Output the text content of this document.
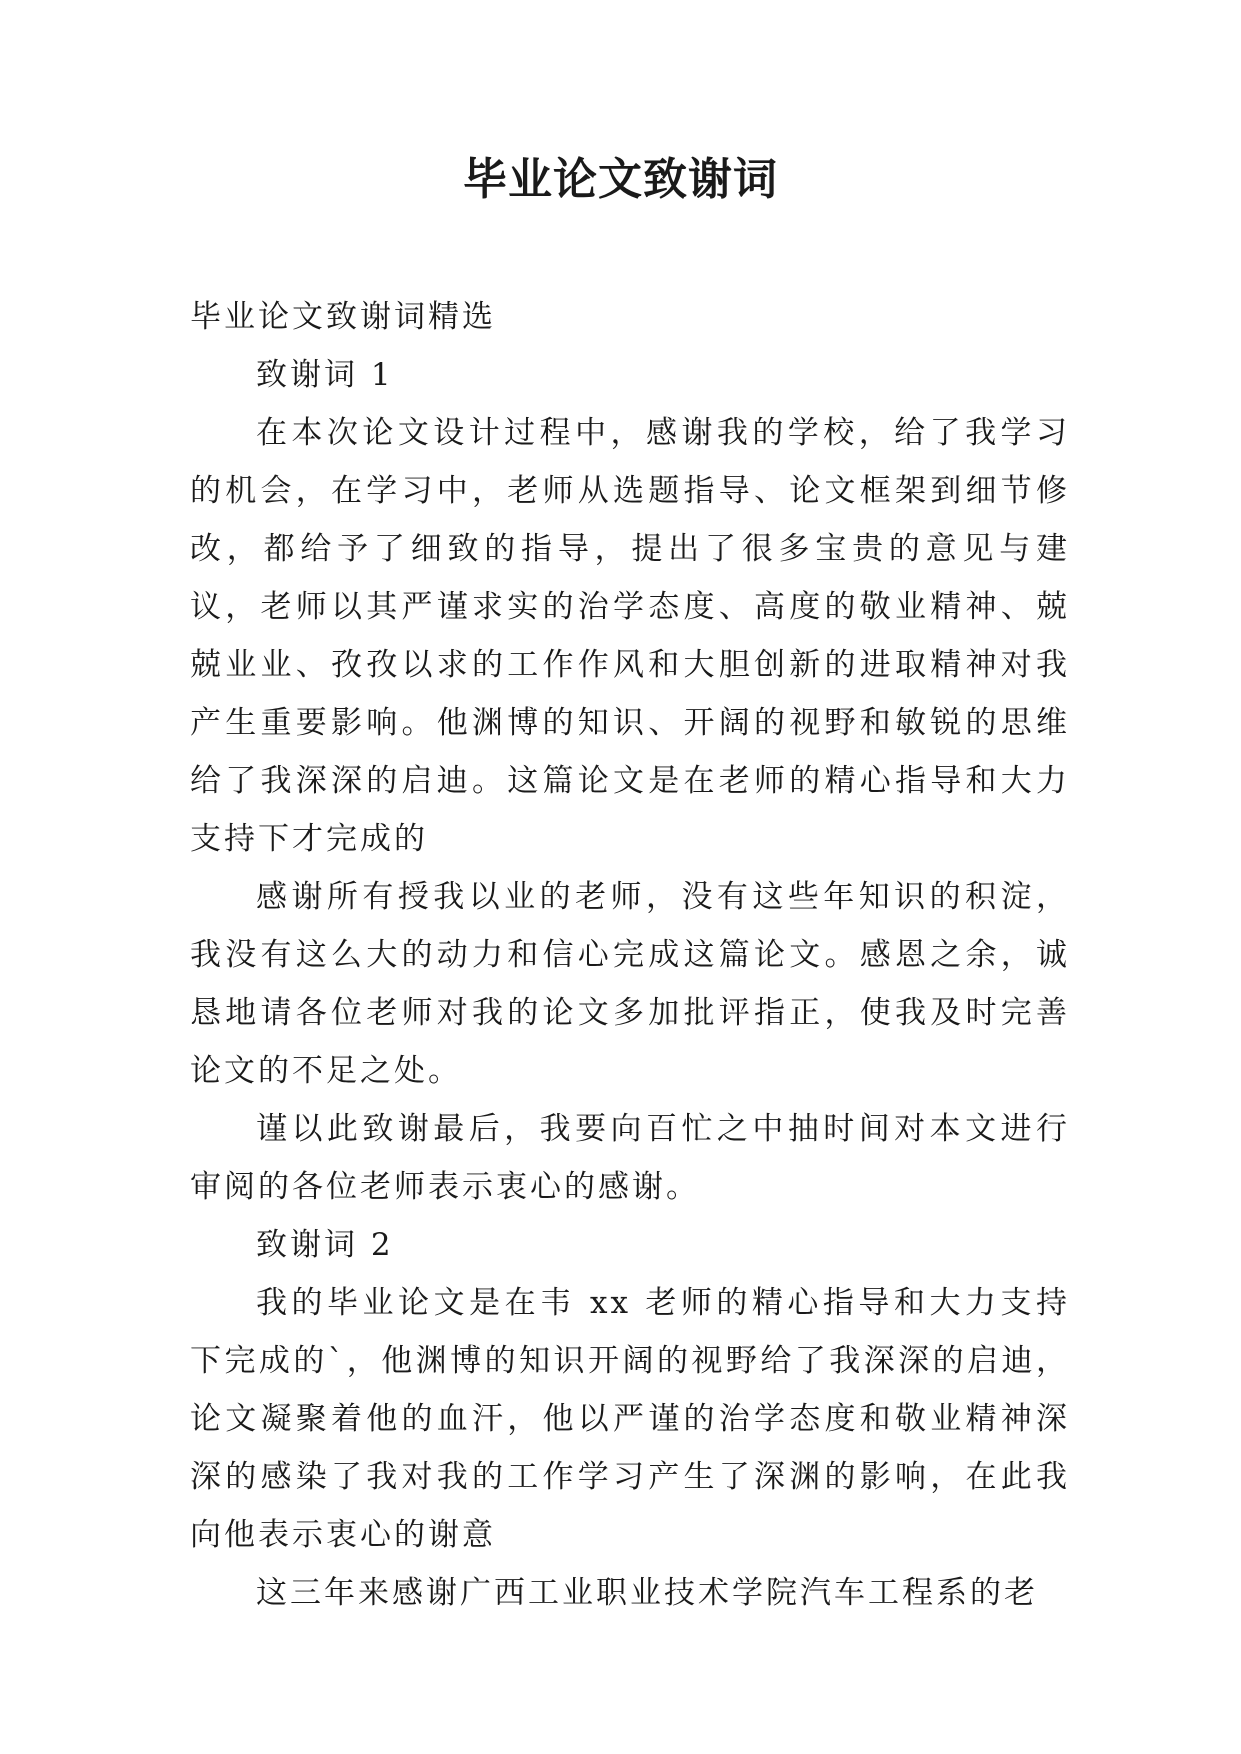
毕业论文致谢词

毕业论文致谢词精选

致谢词 1

在本次论文设计过程中，感谢我的学校，给了我学习的机会，在学习中，老师从选题指导、论文框架到细节修改，都给予了细致的指导，提出了很多宝贵的意见与建议，老师以其严谨求实的治学态度、高度的敬业精神、兢兢业业、孜孜以求的工作作风和大胆创新的进取精神对我产生重要影响。他渊博的知识、开阔的视野和敏锐的思维给了我深深的启迪。这篇论文是在老师的精心指导和大力支持下才完成的

感谢所有授我以业的老师，没有这些年知识的积淀，我没有这么大的动力和信心完成这篇论文。感恩之余，诚恳地请各位老师对我的论文多加批评指正，使我及时完善论文的不足之处。

谨以此致谢最后，我要向百忙之中抽时间对本文进行审阅的各位老师表示衷心的感谢。

致谢词 2

我的毕业论文是在韦 xx 老师的精心指导和大力支持下完成的`，他渊博的知识开阔的视野给了我深深的启迪，论文凝聚着他的血汗，他以严谨的治学态度和敬业精神深深的感染了我对我的工作学习产生了深渊的影响，在此我向他表示衷心的谢意

这三年来感谢广西工业职业技术学院汽车工程系的老
